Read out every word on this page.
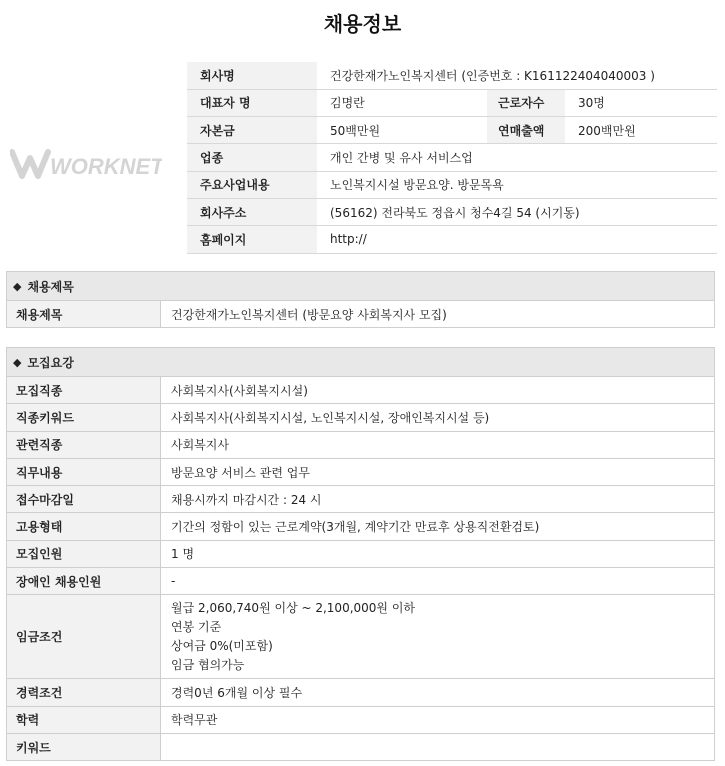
채용정보
WORKNET
회사명	건강한재가노인복지센터 (인증번호 : K161122404040003 )		
대표자 명	김명란	근로자수	30명
자본금	50백만원	연매출액	200백만원
업종	개인 간병 및 유사 서비스업		
주요사업내용	노인복지시설 방문요양. 방문목욕		
회사주소	(56162) 전라북도 정읍시 청수4길 54 (시기동)		
홈페이지	http://		
◆ 채용제목
채용제목	건강한재가노인복지센터 (방문요양 사회복지사 모집)
◆ 모집요강
모집직종	사회복지사(사회복지시설)
직종키워드	사회복지사(사회복지시설, 노인복지시설, 장애인복지시설 등)
관련직종	사회복지사
직무내용	방문요양 서비스 관련 업무
접수마감일	채용시까지 마감시간 : 24 시
고용형태	기간의 정함이 있는 근로계약(3개월, 계약기간 만료후 상용직전환검토)
모집인원	1 명
장애인 채용인원	-
임금조건	월급 2,060,740원 이상 ~ 2,100,000원 이하
연봉 기준
상여금 0%(미포함)
임금 협의가능

경력조건	경력0년 6개월 이상 필수
학력	학력무관
키워드	
